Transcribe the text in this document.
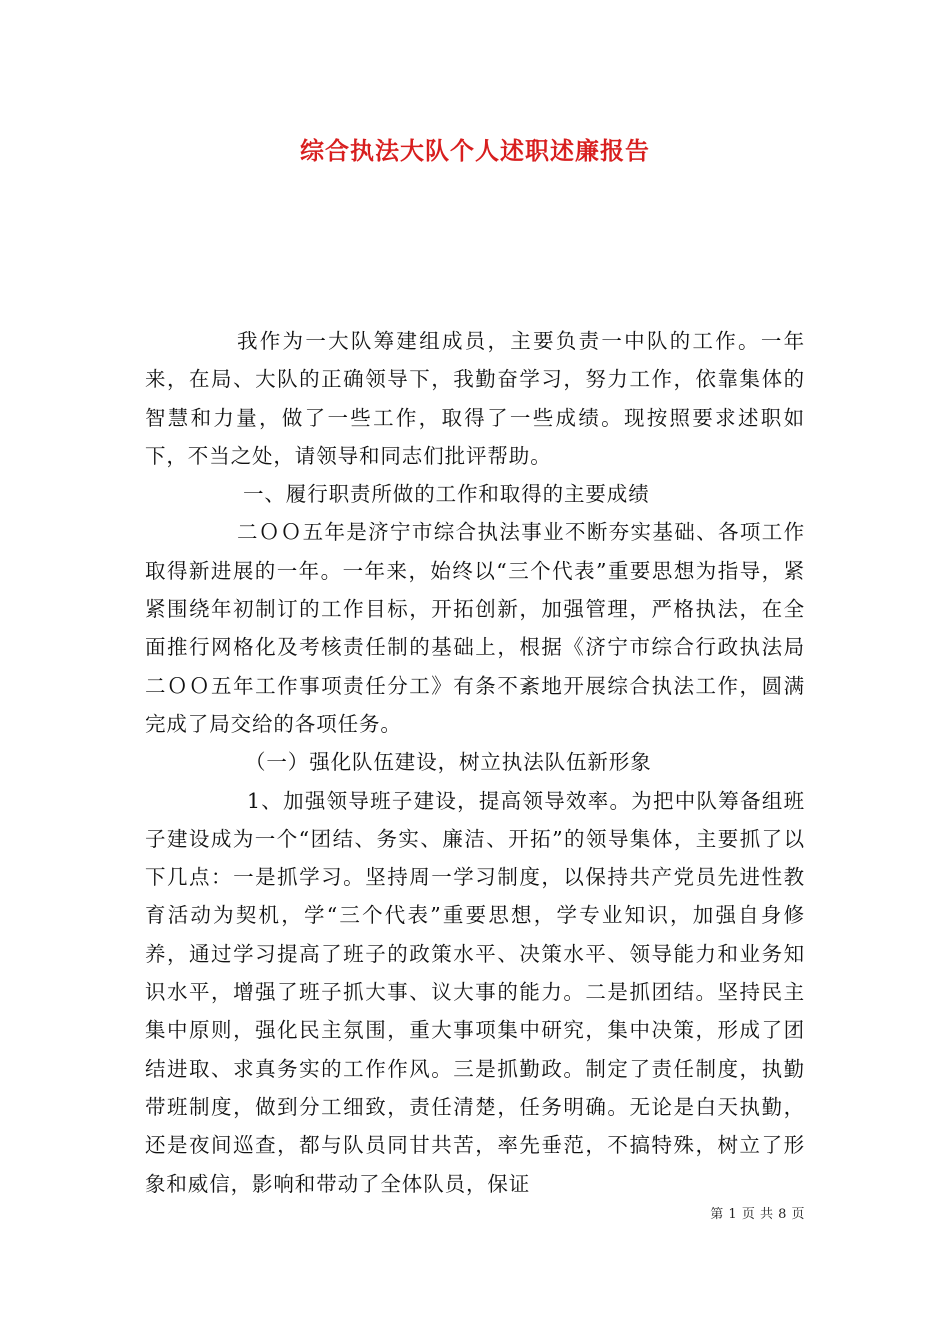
综合执法大队个人述职述廉报告

我作为一大队筹建组成员，主要负责一中队的工作。一年来，在局、大队的正确领导下，我勤奋学习，努力工作，依靠集体的智慧和力量，做了一些工作，取得了一些成绩。现按照要求述职如下，不当之处，请领导和同志们批评帮助。

一、履行职责所做的工作和取得的主要成绩

二ＯＯ五年是济宁市综合执法事业不断夯实基础、各项工作取得新进展的一年。一年来，始终以“三个代表”重要思想为指导，紧紧围绕年初制订的工作目标，开拓创新，加强管理，严格执法，在全面推行网格化及考核责任制的基础上，根据《济宁市综合行政执法局二ＯＯ五年工作事项责任分工》有条不紊地开展综合执法工作，圆满完成了局交给的各项任务。

（一）强化队伍建设，树立执法队伍新形象

1、加强领导班子建设，提高领导效率。为把中队筹备组班子建设成为一个“团结、务实、廉洁、开拓”的领导集体，主要抓了以下几点：一是抓学习。坚持周一学习制度，以保持共产党员先进性教育活动为契机，学“三个代表”重要思想，学专业知识，加强自身修养，通过学习提高了班子的政策水平、决策水平、领导能力和业务知识水平，增强了班子抓大事、议大事的能力。二是抓团结。坚持民主集中原则，强化民主氛围，重大事项集中研究，集中决策，形成了团结进取、求真务实的工作作风。三是抓勤政。制定了责任制度，执勤带班制度，做到分工细致，责任清楚，任务明确。无论是白天执勤，还是夜间巡查，都与队员同甘共苦，率先垂范，不搞特殊，树立了形象和威信，影响和带动了全体队员，保证

第 1 页 共 8 页
